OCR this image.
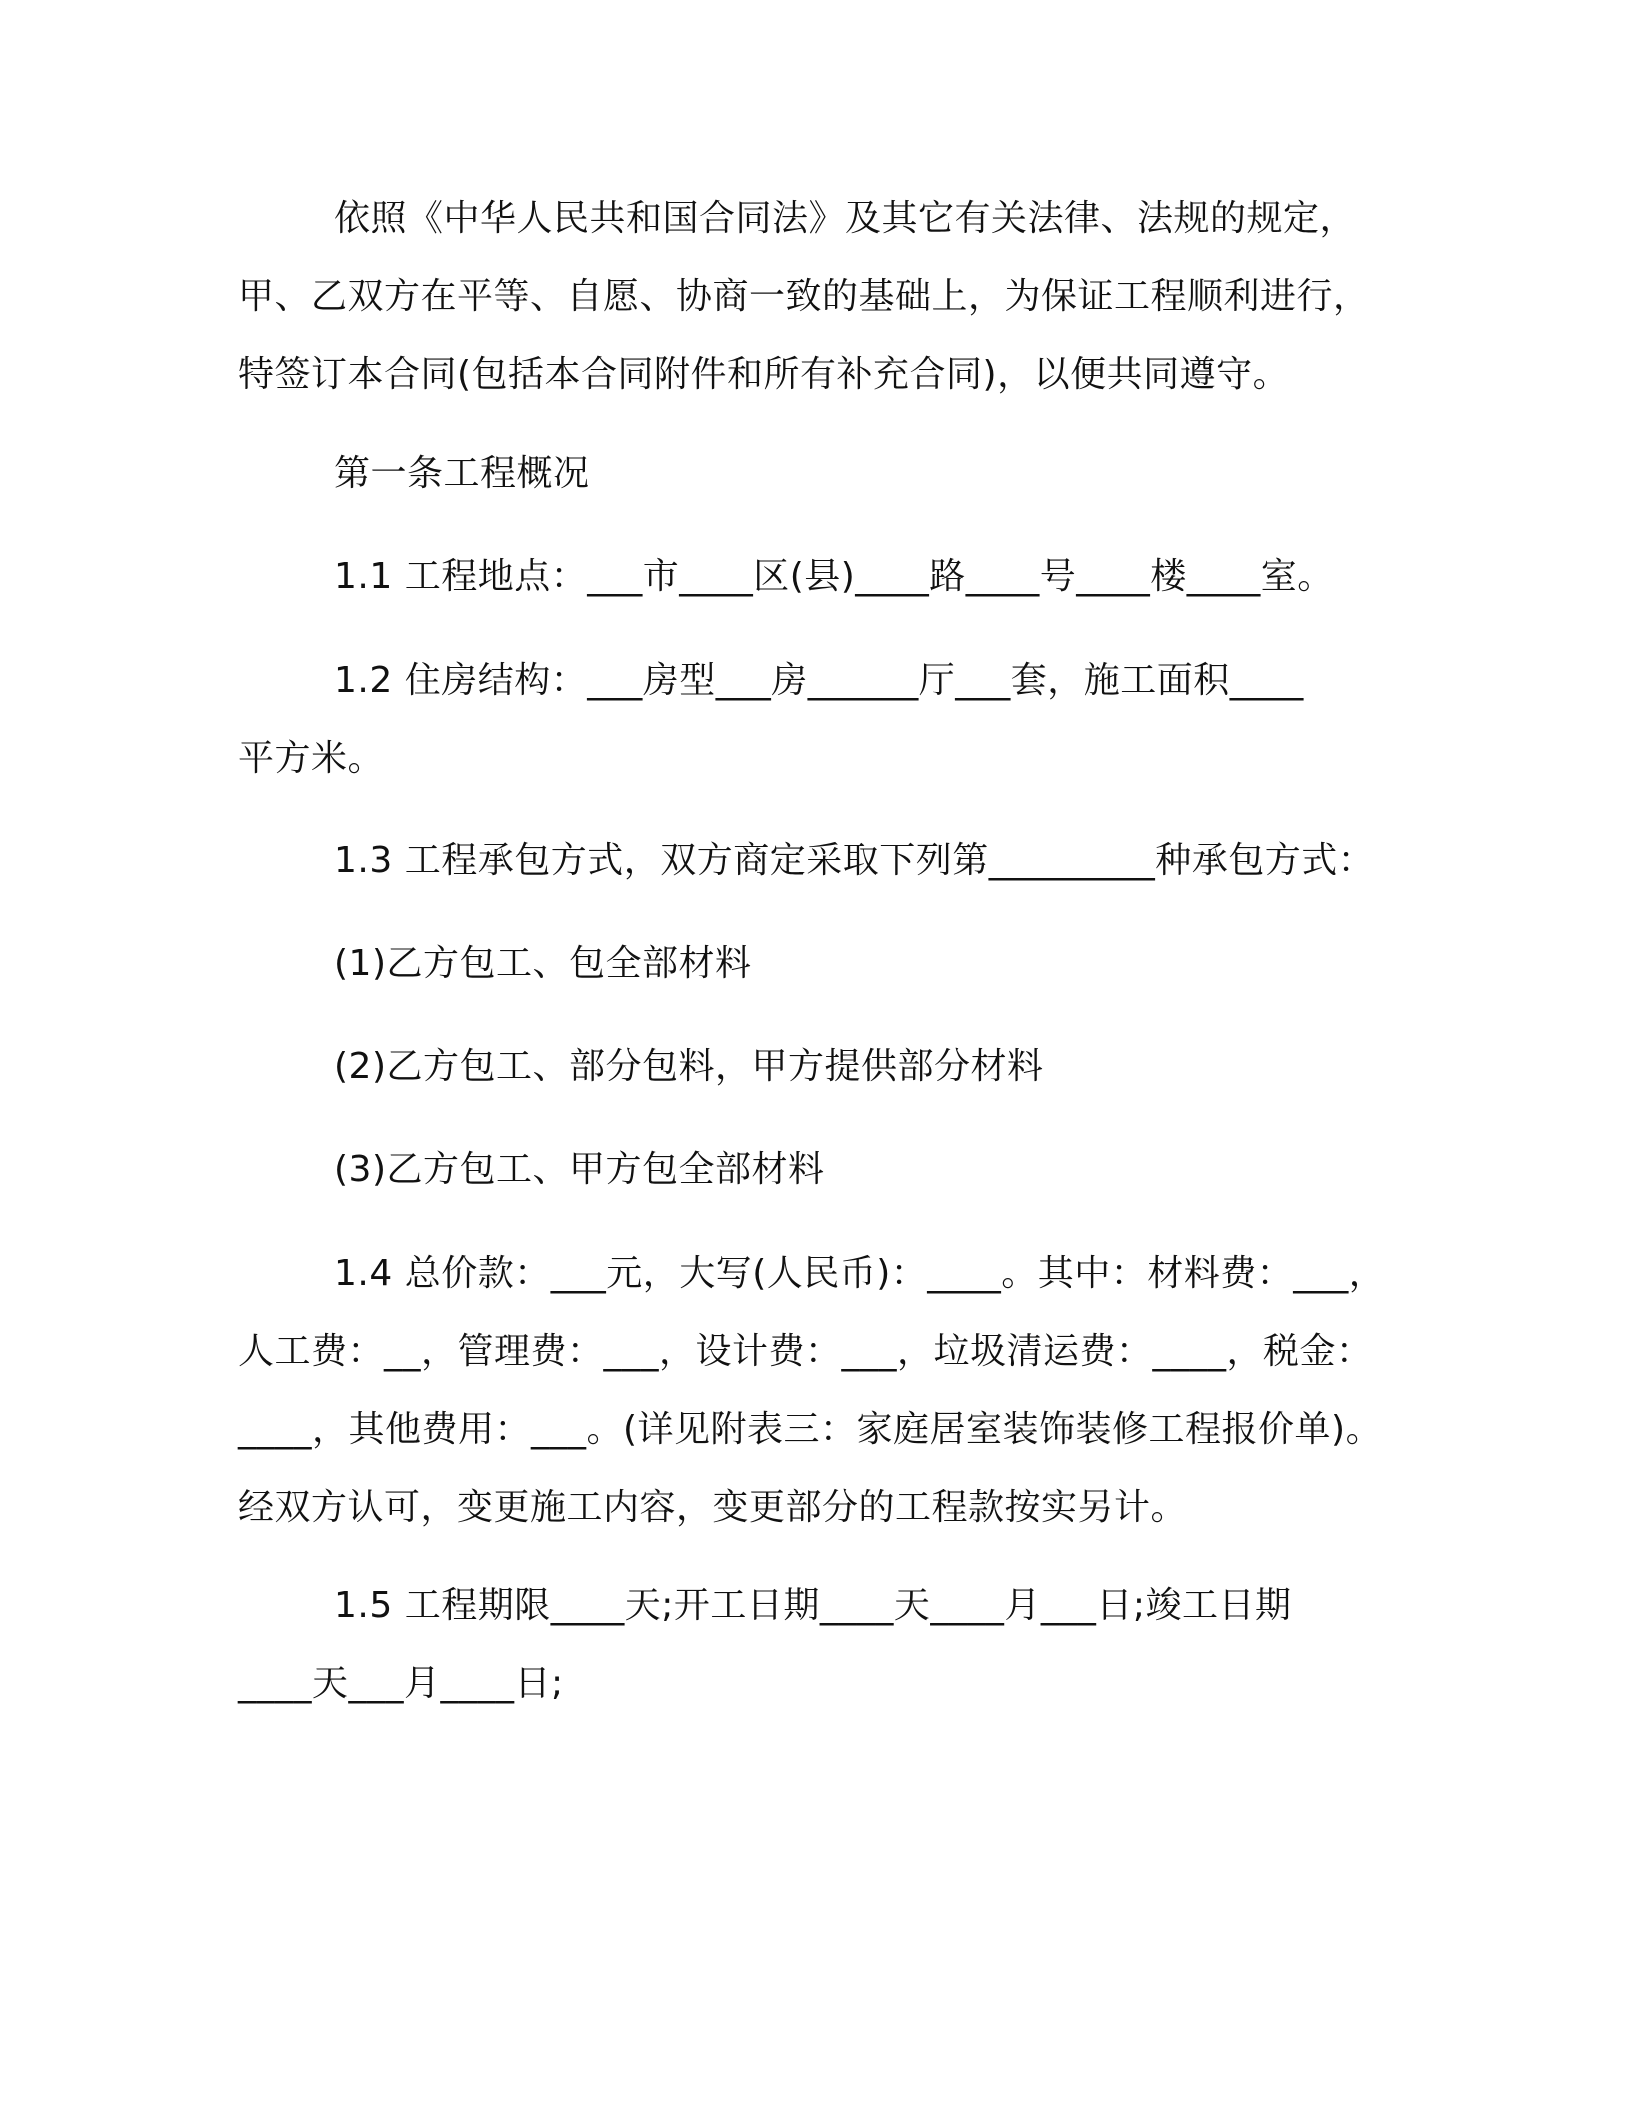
依照《中华人民共和国合同法》及其它有关法律、法规的规定，
甲、乙双方在平等、自愿、协商一致的基础上，为保证工程顺利进行，
特签订本合同(包括本合同附件和所有补充合同)，以便共同遵守。
第一条工程概况
1.1 工程地点：___市____区(县)____路____号____楼____室。
1.2 住房结构：___房型___房______厅___套，施工面积____
平方米。
1.3 工程承包方式，双方商定采取下列第_________种承包方式：
(1)乙方包工、包全部材料
(2)乙方包工、部分包料，甲方提供部分材料
(3)乙方包工、甲方包全部材料
1.4 总价款：___元，大写(人民币)：____。其中：材料费：___，
人工费：__，管理费：___，设计费：___，垃圾清运费：____，税金：
____，其他费用：___。(详见附表三：家庭居室装饰装修工程报价单)。
经双方认可，变更施工内容，变更部分的工程款按实另计。
1.5 工程期限____天;开工日期____天____月___日;竣工日期
____天___月____日;
